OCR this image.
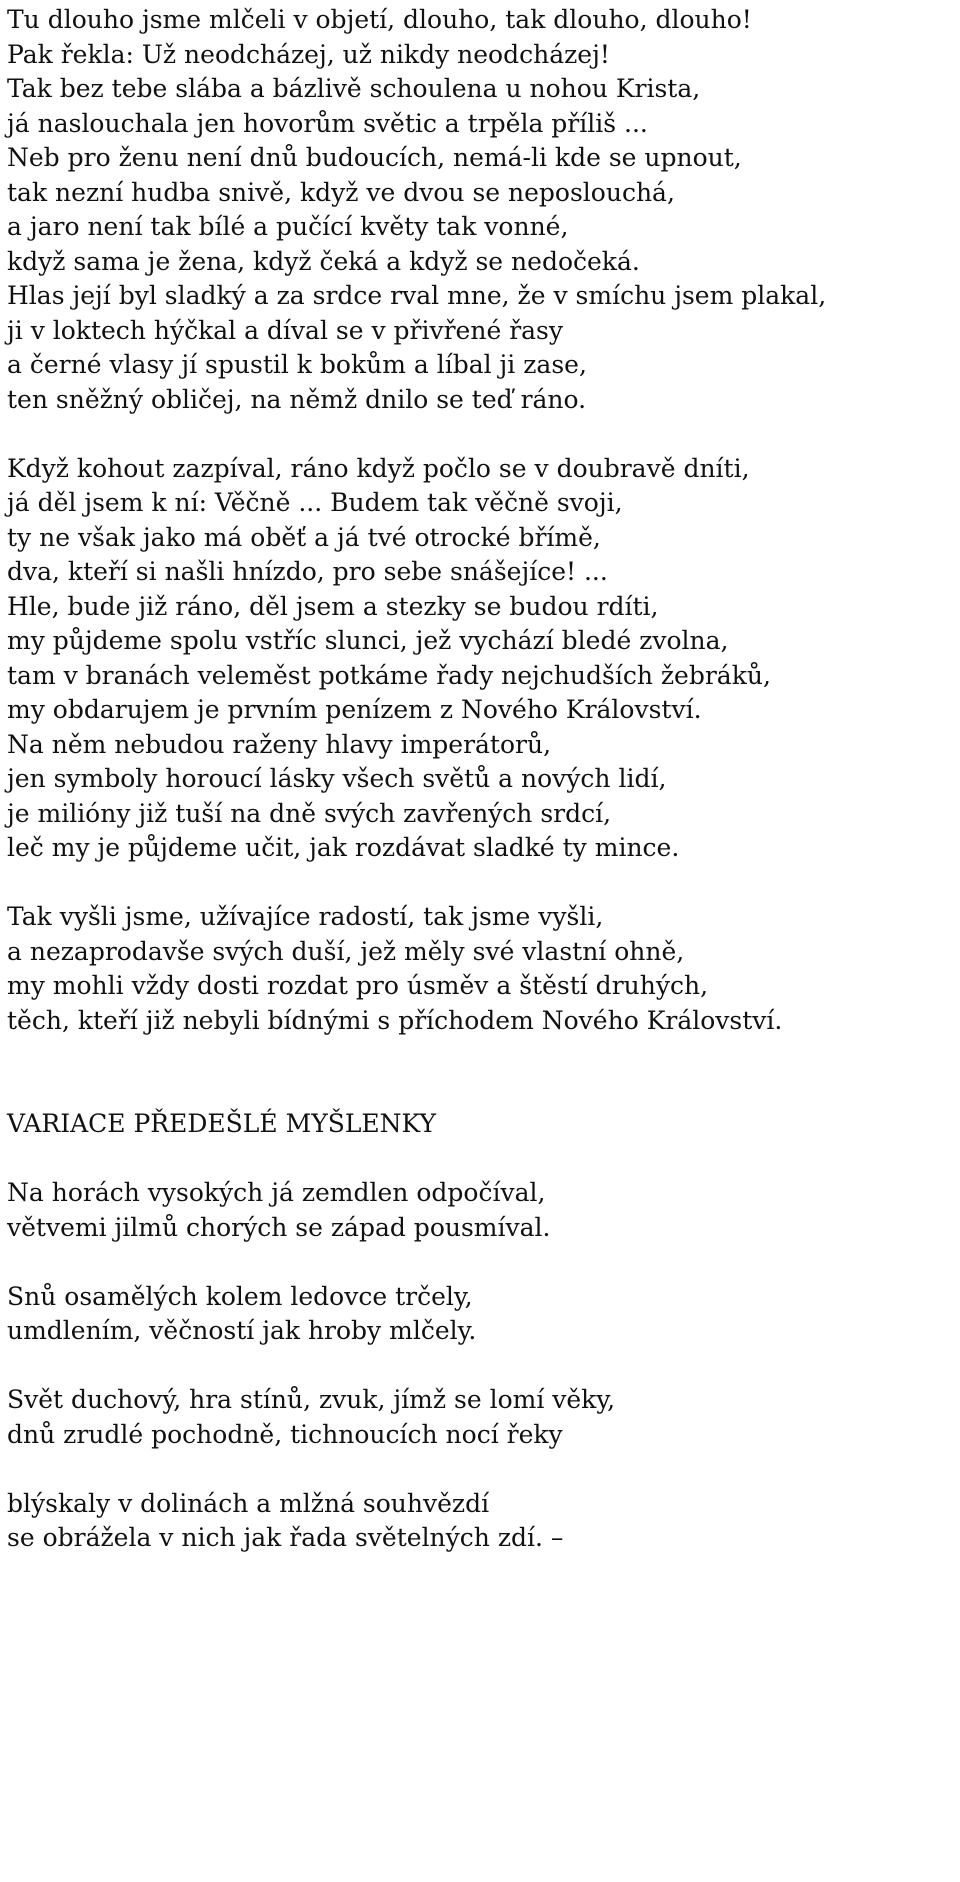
Tu dlouho jsme mlčeli v objetí, dlouho, tak dlouho, dlouho!
Pak řekla: Už neodcházej, už nikdy neodcházej!
Tak bez tebe slába a bázlivě schoulena u nohou Krista,
já naslouchala jen hovorům světic a trpěla příliš ...
Neb pro ženu není dnů budoucích, nemá-li kde se upnout,
tak nezní hudba snivě, když ve dvou se neposlouchá,
a jaro není tak bílé a pučící květy tak vonné,
když sama je žena, když čeká a když se nedočeká.
Hlas její byl sladký a za srdce rval mne, že v smíchu jsem plakal,
ji v loktech hýčkal a díval se v přivřené řasy
a černé vlasy jí spustil k bokům a líbal ji zase,
ten sněžný obličej, na němž dnilo se teď ráno.
Když kohout zazpíval, ráno když počlo se v doubravě dníti,
já děl jsem k ní: Věčně ... Budem tak věčně svoji,
ty ne však jako má oběť a já tvé otrocké břímě,
dva, kteří si našli hnízdo, pro sebe snášejíce! ...
Hle, bude již ráno, děl jsem a stezky se budou rdíti,
my půjdeme spolu vstříc slunci, jež vychází bledé zvolna,
tam v branách veleměst potkáme řady nejchudších žebráků,
my obdarujem je prvním penízem z Nového Království.
Na něm nebudou raženy hlavy imperátorů,
jen symboly horoucí lásky všech světů a nových lidí,
je milióny již tuší na dně svých zavřených srdcí,
leč my je půjdeme učit, jak rozdávat sladké ty mince.
Tak vyšli jsme, užívajíce radostí, tak jsme vyšli,
a nezaprodavše svých duší, jež měly své vlastní ohně,
my mohli vždy dosti rozdat pro úsměv a štěstí druhých,
těch, kteří již nebyli bídnými s příchodem Nového Království.
VARIACE PŘEDEŠLÉ MYŠLENKY
Na horách vysokých já zemdlen odpočíval,
větvemi jilmů chorých se západ pousmíval.
Snů osamělých kolem ledovce trčely,
umdlením, věčností jak hroby mlčely.
Svět duchový, hra stínů, zvuk, jímž se lomí věky,
dnů zrudlé pochodně, tichnoucích nocí řeky
blýskaly v dolinách a mlžná souhvězdí
se obrážela v nich jak řada světelných zdí. –
